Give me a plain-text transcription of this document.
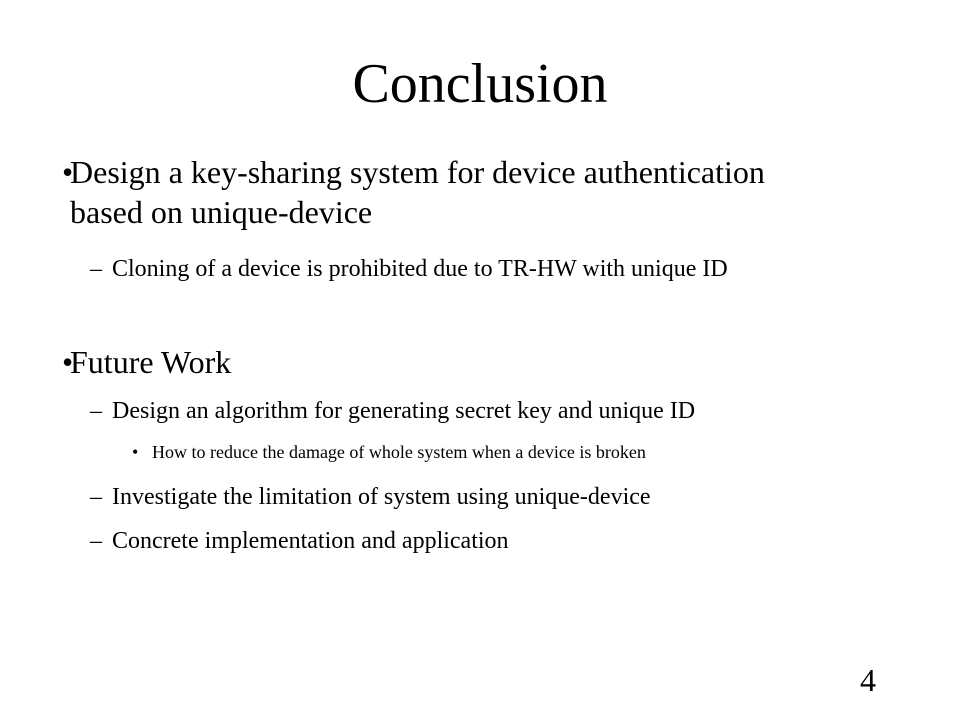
Conclusion
•
Design a key-sharing system for device authentication
based on unique-device
– Cloning of a device is prohibited due to TR-HW with unique ID
•
Future Work
– Design an algorithm for generating secret key and unique ID
• How to reduce the damage of whole system when a device is broken
– Investigate the limitation of system using unique-device
– Concrete implementation and application
4
